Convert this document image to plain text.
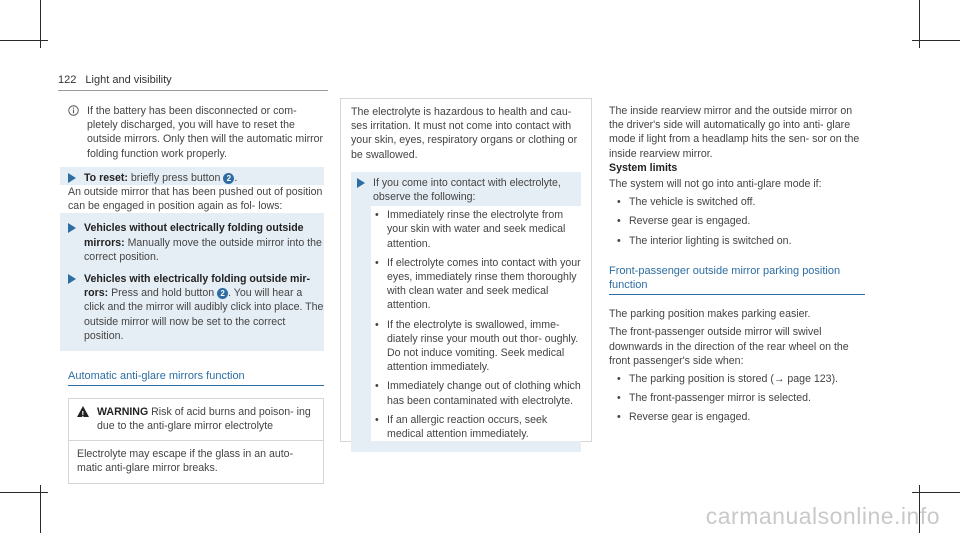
122 Light and visibility

If the battery has been disconnected or com- pletely discharged, you will have to reset the outside mirrors. Only then will the automatic mirror folding function work properly.

To reset: briefly press button 2 .

An outside mirror that has been pushed out of position can be engaged in position again as fol- lows:

Vehicles without electrically folding outside mirrors: Manually move the outside mirror into the correct position.

Vehicles with electrically folding outside mir- rors: Press and hold button 2 . You will hear a click and the mirror will audibly click into place. The outside mirror will now be set to the correct position.

Automatic anti-glare mirrors function
! WARNING Risk of acid burns and poison- ing due to the anti-glare mirror electrolyte

Electrolyte may escape if the glass in an auto- matic anti-glare mirror breaks.

The electrolyte is hazardous to health and cau- ses irritation. It must not come into contact with your skin, eyes, respiratory organs or clothing or be swallowed.

If you come into contact with electrolyte, observe the following:

• Immediately rinse the electrolyte from your skin with water and seek medical attention.
• If electrolyte comes into contact with your eyes, immediately rinse them thoroughly with clean water and seek medical attention.
• If the electrolyte is swallowed, imme- diately rinse your mouth out thor- oughly. Do not induce vomiting. Seek medical attention immediately.
• Immediately change out of clothing which has been contaminated with electrolyte.
• If an allergic reaction occurs, seek medical attention immediately.

The inside rearview mirror and the outside mirror on the driver's side will automatically go into anti- glare mode if light from a headlamp hits the sen- sor on the inside rearview mirror.

System limits

The system will not go into anti-glare mode if:

• The vehicle is switched off.
• Reverse gear is engaged.
• The interior lighting is switched on.
Front-passenger outside mirror parking position function

The parking position makes parking easier.

The front-passenger outside mirror will swivel downwards in the direction of the rear wheel on the front passenger's side when:

• The parking position is stored (→ page 123).
• The front-passenger mirror is selected.
• Reverse gear is engaged.
carmanualsonline.info
